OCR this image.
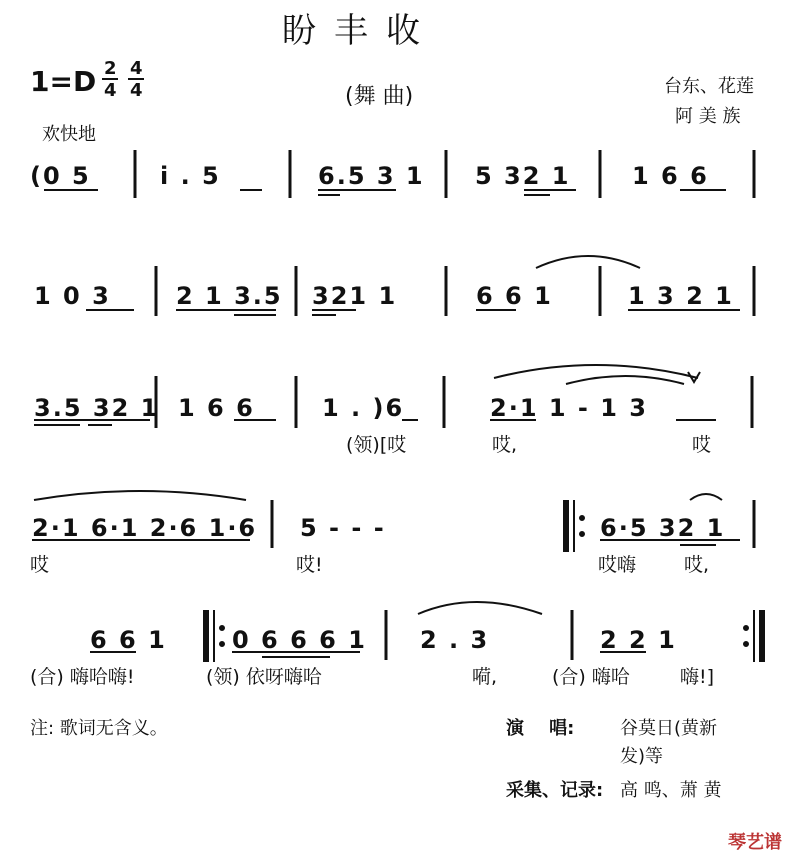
盼丰收
1=D	(舞 曲)	台东、花莲
阿 美 族
欢快地
(0 5	i . 5	6.5 3 1 5 32 1	1 6 6
1 0 3	2 1 3.5 321 1	6 6 1	1 3 2 1
3.5 32 1 1 6 6	1 . )6	2·1 1 - 1 3
(领)[哎	哎,	哎
2·1 6·1 2·6 1·6 5 - - -	6·5 32 1
哎	哎!	哎嗨	哎,
6 6 1	0 6 6 6 1 2 . 3	2 2 1
(合) 嗨哈嗨!	(领) 依呀嗨哈	嗬,	(合) 嗨哈	嗨!]
注: 歌词无含义。	演    唱:	谷莫日(黄新
发)等
采集、记录: 高 鸣、萧 黄
琴艺谱
2
4
4
4
